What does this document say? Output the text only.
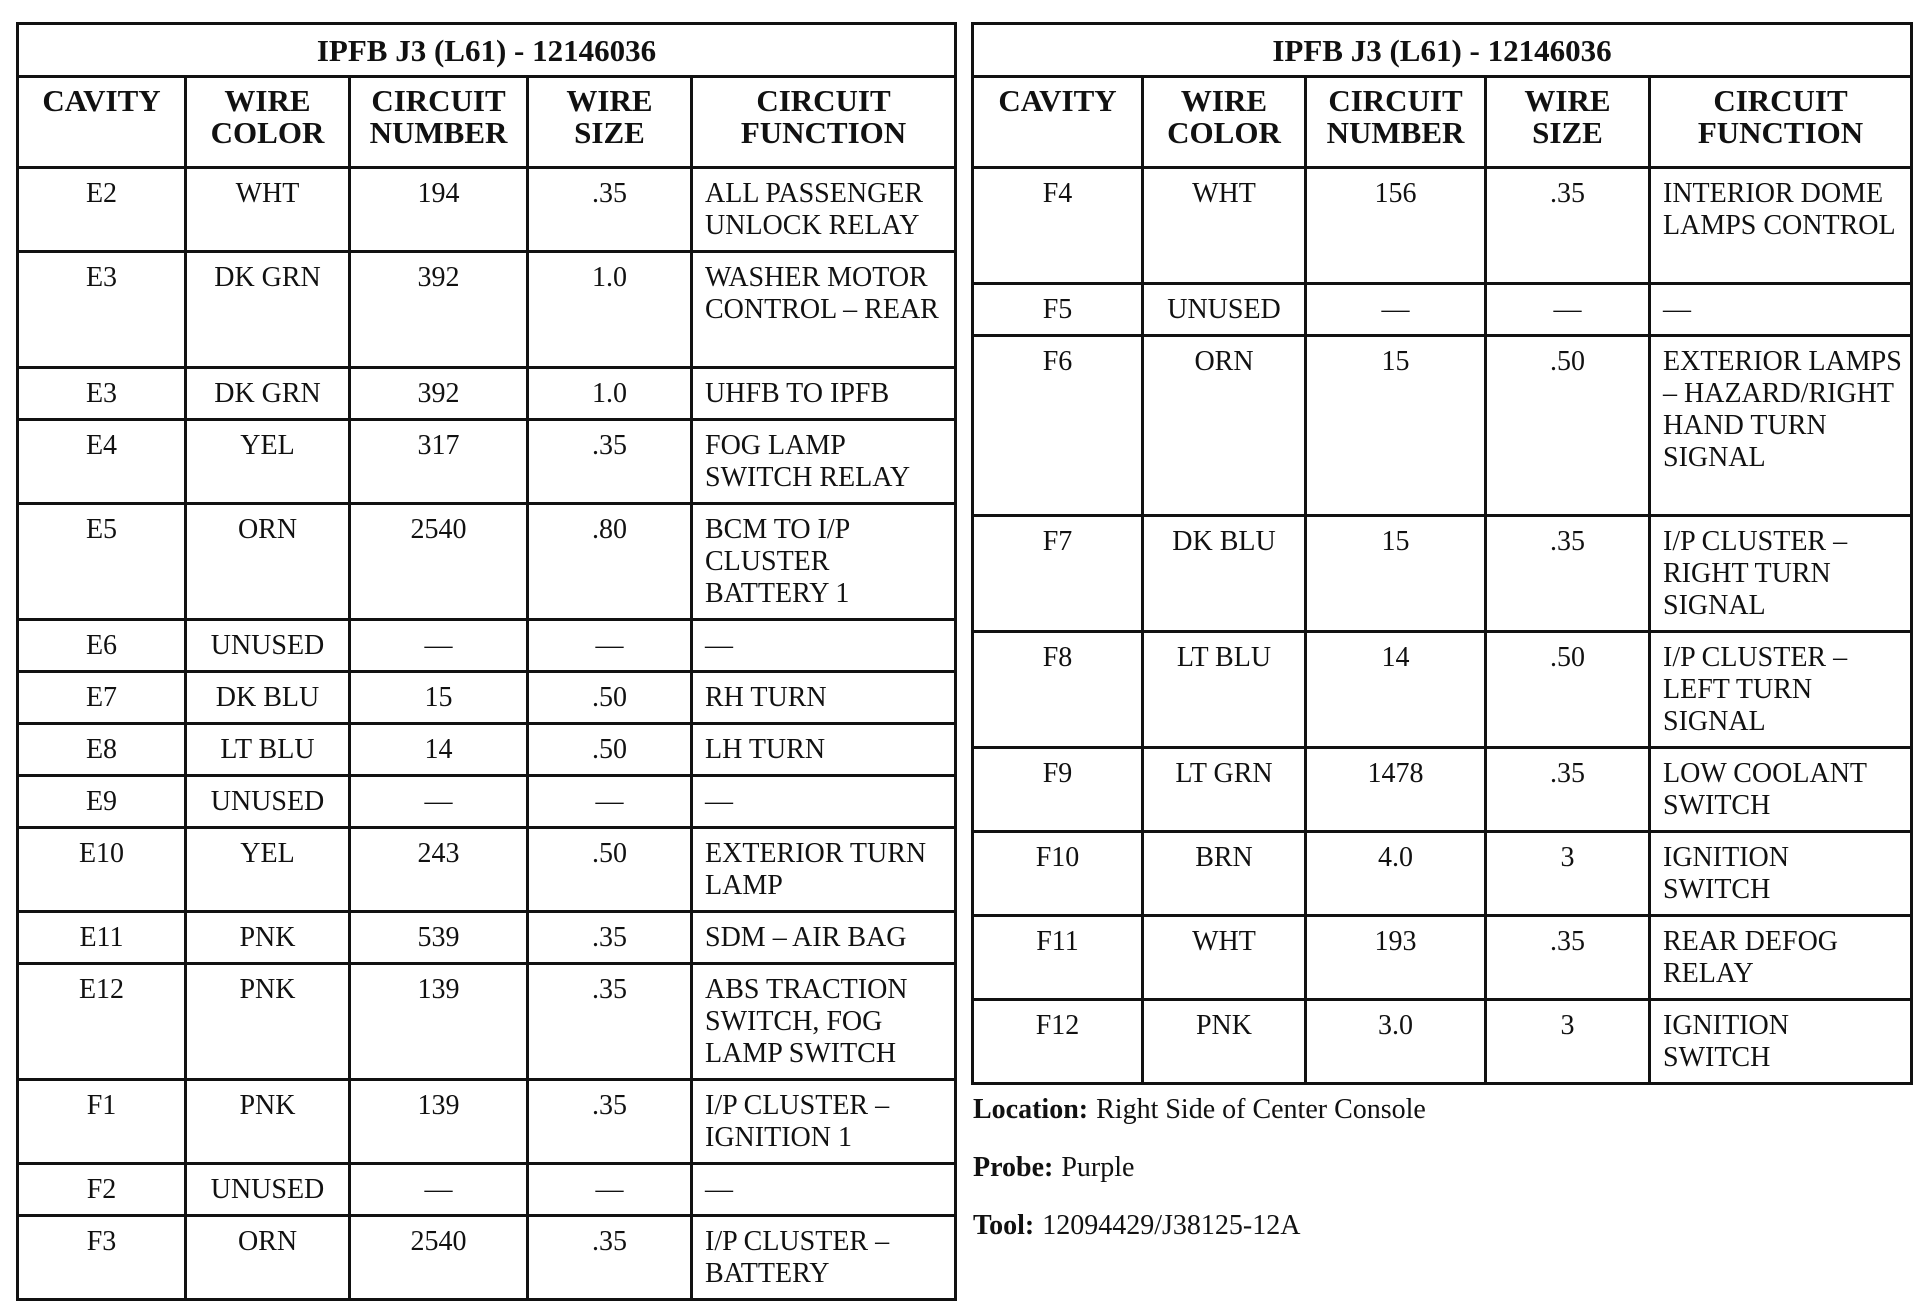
IPFB J3 (L61) - 12146036				
CAVITY	WIRE COLOR	CIRCUIT NUMBER	WIRE SIZE	CIRCUIT FUNCTION
E2	WHT	194	.35	ALL PASSENGER UNLOCK RELAY
E3	DK GRN	392	1.0	WASHER MOTOR CONTROL – REAR
E3	DK GRN	392	1.0	UHFB TO IPFB
E4	YEL	317	.35	FOG LAMP SWITCH RELAY
E5	ORN	2540	.80	BCM TO I/P CLUSTER BATTERY 1
E6	UNUSED	—	—	—
E7	DK BLU	15	.50	RH TURN
E8	LT BLU	14	.50	LH TURN
E9	UNUSED	—	—	—
E10	YEL	243	.50	EXTERIOR TURN LAMP
E11	PNK	539	.35	SDM – AIR BAG
E12	PNK	139	.35	ABS TRACTION SWITCH, FOG LAMP SWITCH
F1	PNK	139	.35	I/P CLUSTER – IGNITION 1
F2	UNUSED	—	—	—
F3	ORN	2540	.35	I/P CLUSTER – BATTERY
IPFB J3 (L61) - 12146036				
CAVITY	WIRE COLOR	CIRCUIT NUMBER	WIRE SIZE	CIRCUIT FUNCTION
F4	WHT	156	.35	INTERIOR DOME LAMPS CONTROL
F5	UNUSED	—	—	—
F6	ORN	15	.50	EXTERIOR LAMPS – HAZARD/RIGHT HAND TURN SIGNAL
F7	DK BLU	15	.35	I/P CLUSTER – RIGHT TURN SIGNAL
F8	LT BLU	14	.50	I/P CLUSTER – LEFT TURN SIGNAL
F9	LT GRN	1478	.35	LOW COOLANT SWITCH
F10	BRN	4.0	3	IGNITION SWITCH
F11	WHT	193	.35	REAR DEFOG RELAY
F12	PNK	3.0	3	IGNITION SWITCH
Location: Right Side of Center Console
Probe: Purple
Tool: 12094429/J38125-12A
